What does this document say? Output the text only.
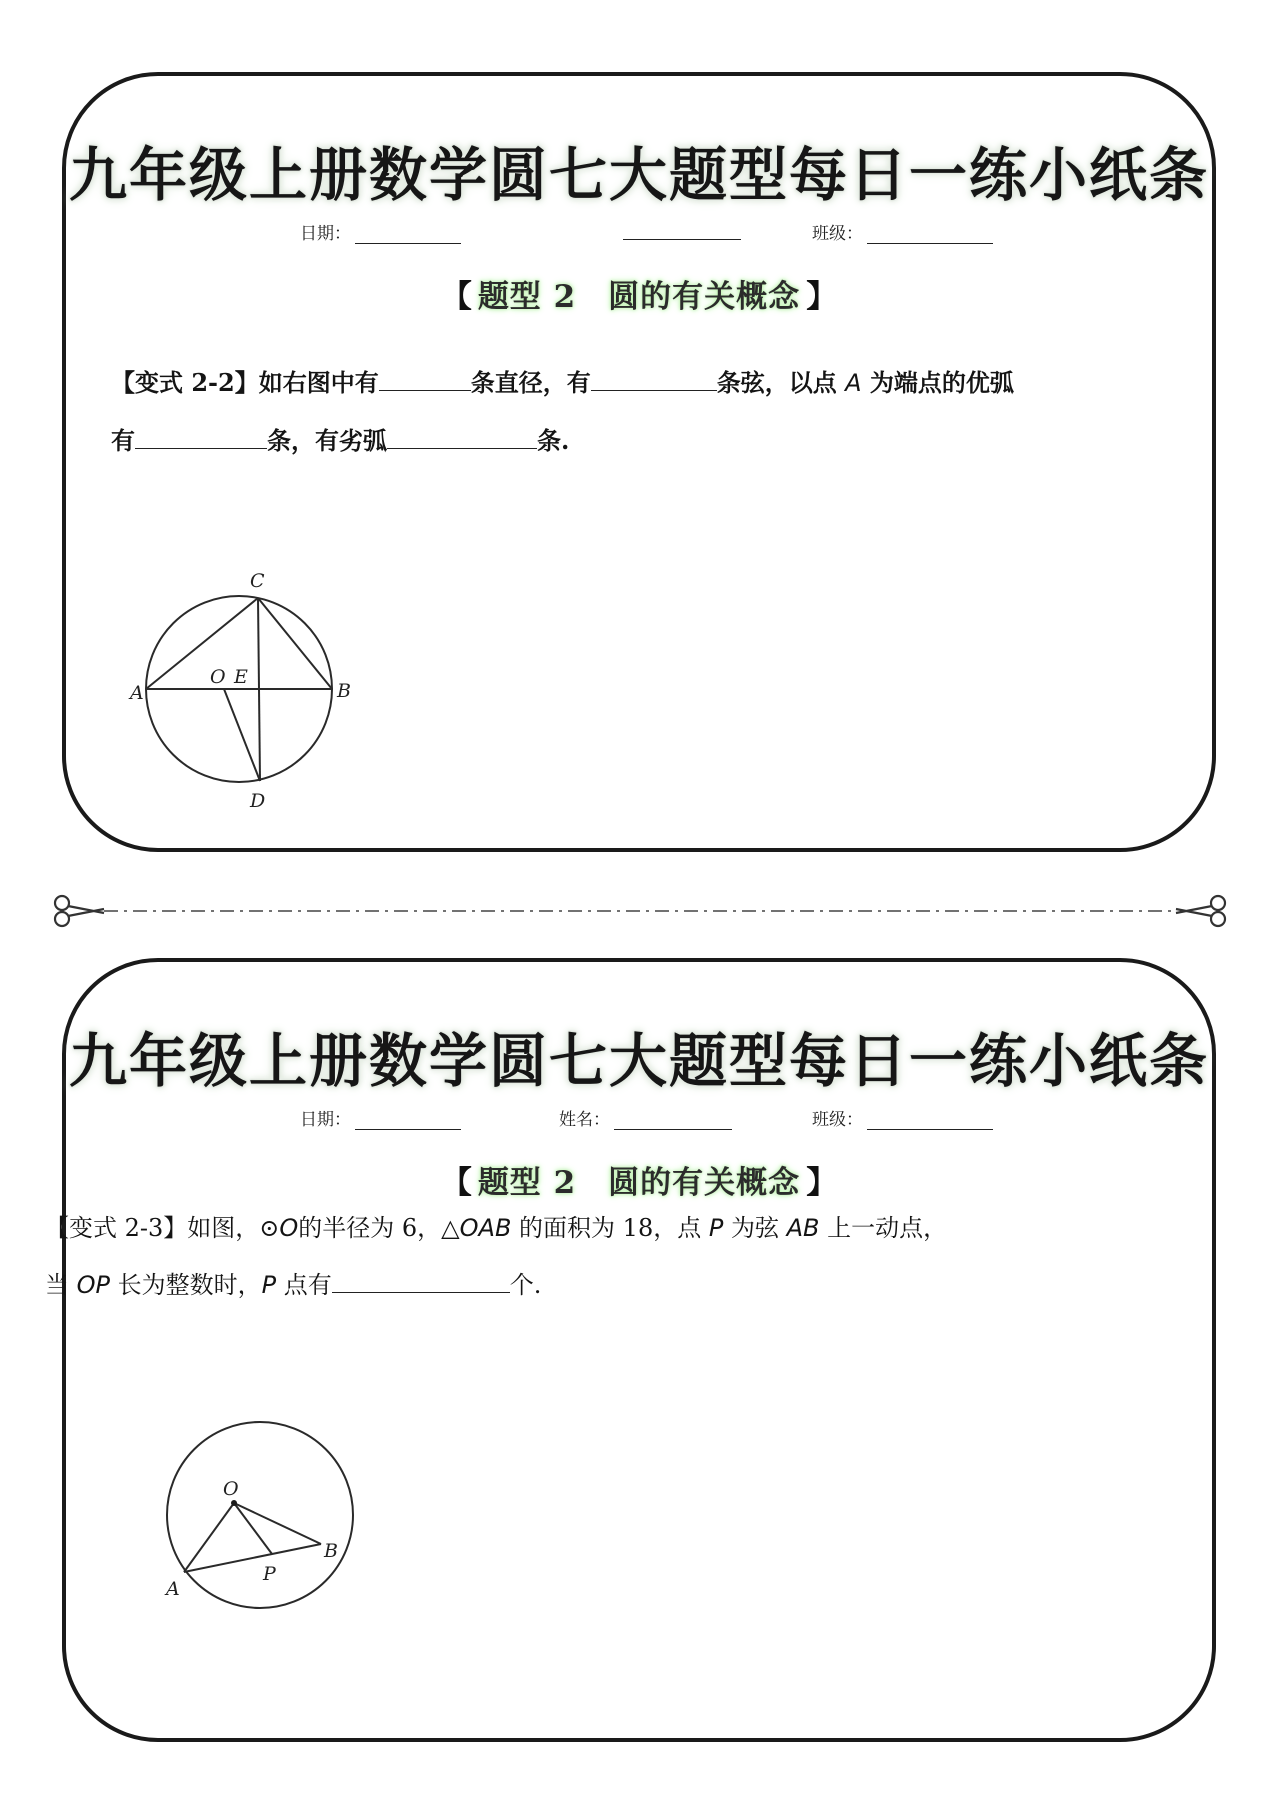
九年级上册数学圆七大题型每日一练小纸条
日期：	班级：
【 题型 2　圆的有关概念 】
【变式 2-2】如右图中有	条直径，有	条弦，以点 A 为端点的优弧
有	条，有劣弧	条.
C
O E
A	B
D
九年级上册数学圆七大题型每日一练小纸条
日期：	姓名：	班级：
【 题型 2　圆的有关概念 】
【变式 2-3】如图，⊙O的半径为 6，△OAB 的面积为 18，点 P 为弦 AB 上一动点，
当 OP 长为整数时，P 点有	个.
O
A
B
P
